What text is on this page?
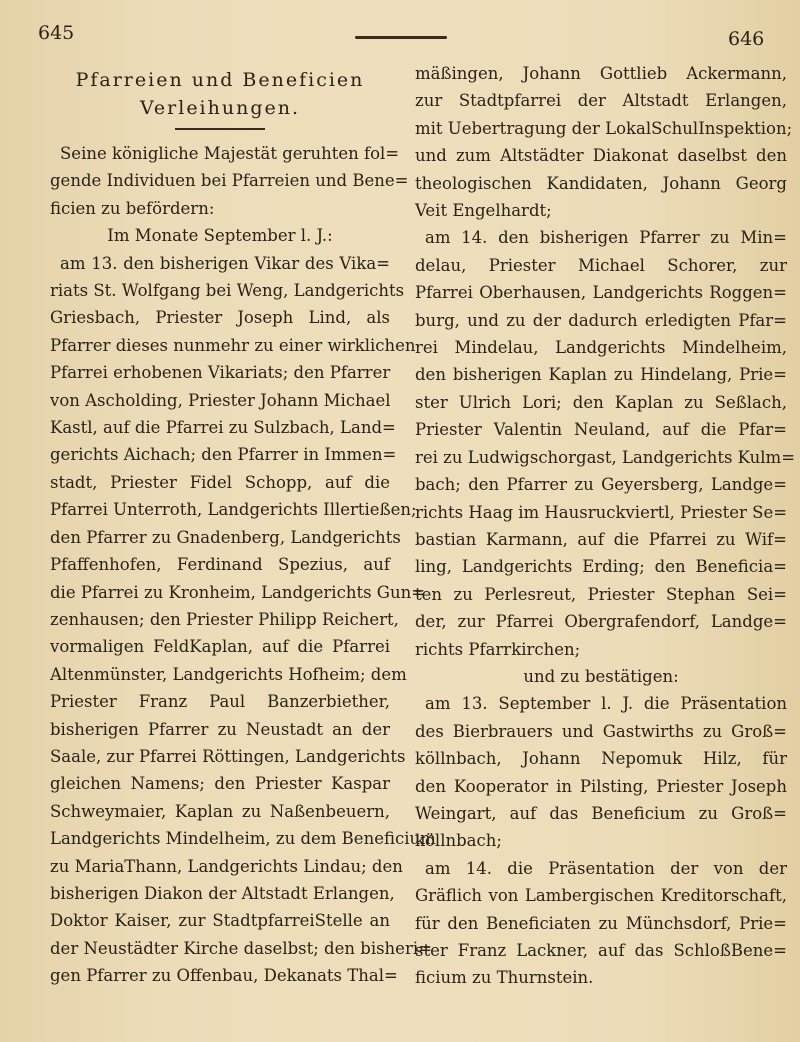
645	646
Pfarreien und Beneficien
Verleihungen.
Seine königliche Majestät geruhten fol=
gende Individuen bei Pfarreien und Bene=
ficien zu befördern:
Im Monate September l. J.:
am 13. den bisherigen Vikar des Vika=
riats St. Wolfgang bei Weng, Landgerichts
Griesbach, Priester Joseph Lind, als
Pfarrer dieses nunmehr zu einer wirklichen
Pfarrei erhobenen Vikariats; den Pfarrer
von Ascholding, Priester Johann Michael
Kastl, auf die Pfarrei zu Sulzbach, Land=
gerichts Aichach; den Pfarrer in Immen=
stadt, Priester Fidel Schopp, auf die
Pfarrei Unterroth, Landgerichts Illertießen;
den Pfarrer zu Gnadenberg, Landgerichts
Pfaffenhofen, Ferdinand Spezius, auf
die Pfarrei zu Kronheim, Landgerichts Gun=
zenhausen; den Priester Philipp Reichert,
vormaligen FeldKaplan, auf die Pfarrei
Altenmünster, Landgerichts Hofheim; dem
Priester Franz Paul Banzerbiether,
bisherigen Pfarrer zu Neustadt an der
Saale, zur Pfarrei Röttingen, Landgerichts
gleichen Namens; den Priester Kaspar
Schweymaier, Kaplan zu Naßenbeuern,
Landgerichts Mindelheim, zu dem Beneficium
zu MariaThann, Landgerichts Lindau; den
bisherigen Diakon der Altstadt Erlangen,
Doktor Kaiser, zur StadtpfarreiStelle an
der Neustädter Kirche daselbst; den bisheri=
gen Pfarrer zu Offenbau, Dekanats Thal=
mäßingen, Johann Gottlieb Ackermann,
zur Stadtpfarrei der Altstadt Erlangen,
mit Uebertragung der LokalSchulInspektion;
und zum Altstädter Diakonat daselbst den
theologischen Kandidaten, Johann Georg
Veit Engelhardt;
am 14. den bisherigen Pfarrer zu Min=
delau, Priester Michael Schorer, zur
Pfarrei Oberhausen, Landgerichts Roggen=
burg, und zu der dadurch erledigten Pfar=
rei Mindelau, Landgerichts Mindelheim,
den bisherigen Kaplan zu Hindelang, Prie=
ster Ulrich Lori; den Kaplan zu Seßlach,
Priester Valentin Neuland, auf die Pfar=
rei zu Ludwigschorgast, Landgerichts Kulm=
bach; den Pfarrer zu Geyersberg, Landge=
richts Haag im Hausruckviertl, Priester Se=
bastian Karmann, auf die Pfarrei zu Wif=
ling, Landgerichts Erding; den Beneficia=
ten zu Perlesreut, Priester Stephan Sei=
der, zur Pfarrei Obergrafendorf, Landge=
richts Pfarrkirchen;
und zu bestätigen:
am 13. September l. J. die Präsentation
des Bierbrauers und Gastwirths zu Groß=
köllnbach, Johann Nepomuk Hilz, für
den Kooperator in Pilsting, Priester Joseph
Weingart, auf das Beneficium zu Groß=
köllnbach;
am 14. die Präsentation der von der
Gräflich von Lambergischen Kreditorschaft,
für den Beneficiaten zu Münchsdorf, Prie=
ster Franz Lackner, auf das SchloßBene=
ficium zu Thurnstein.
